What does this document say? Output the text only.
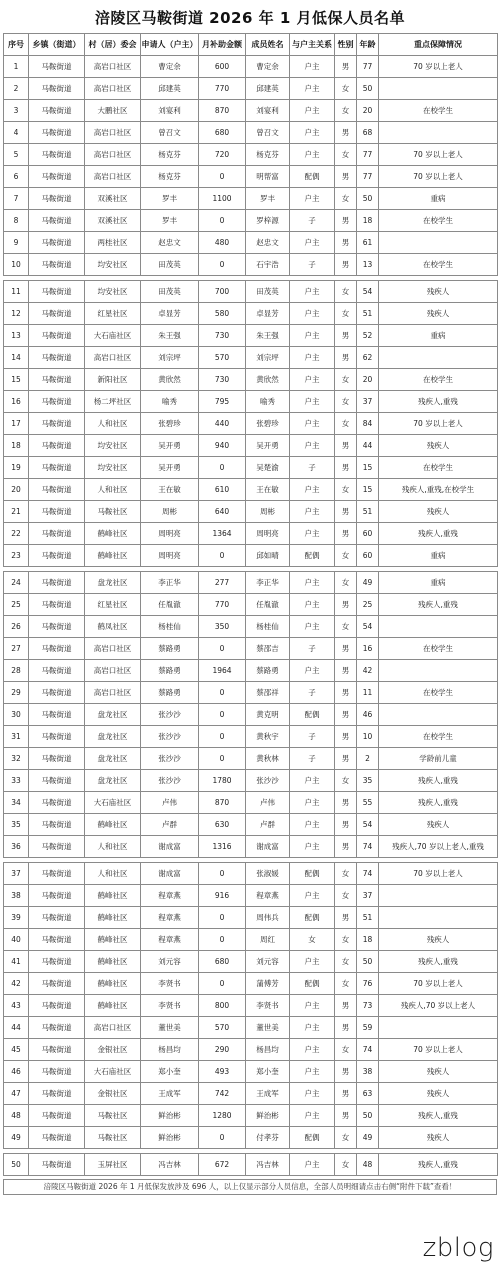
涪陵区马鞍街道 2026 年 1 月低保人员名单
序号	乡镇（街道）	村（居）委会	申请人（户主）	月补助金额	成员姓名	与户主关系	性别	年龄	重点保障情况
1	马鞍街道	高岩口社区	曹定余	600	曹定余	户主	男	77	70 岁以上老人
2	马鞍街道	高岩口社区	邱建英	770	邱建英	户主	女	50	
3	马鞍街道	大鹏社区	刘宴利	870	刘宴利	户主	女	20	在校学生
4	马鞍街道	高岩口社区	曾召文	680	曾召文	户主	男	68	
5	马鞍街道	高岩口社区	杨克芬	720	杨克芬	户主	女	77	70 岁以上老人
6	马鞍街道	高岩口社区	杨克芬	0	明帮富	配偶	男	77	70 岁以上老人
7	马鞍街道	双溪社区	罗丰	1100	罗丰	户主	女	50	重病
8	马鞍街道	双溪社区	罗丰	0	罗梓源	子	男	18	在校学生
9	马鞍街道	两桂社区	赵忠文	480	赵忠文	户主	男	61	
10	马鞍街道	均安社区	田茂英	0	石宇浩	子	男	13	在校学生

11	马鞍街道	均安社区	田茂英	700	田茂英	户主	女	54	残疾人
12	马鞍街道	红星社区	卓显芳	580	卓显芳	户主	女	51	残疾人
13	马鞍街道	大石庙社区	朱王强	730	朱王强	户主	男	52	重病
14	马鞍街道	高岩口社区	刘宗坪	570	刘宗坪	户主	男	62	
15	马鞍街道	新阳社区	黄欣然	730	黄欣然	户主	女	20	在校学生
16	马鞍街道	杨二坪社区	喻秀	795	喻秀	户主	女	37	残疾人,重残
17	马鞍街道	人和社区	张碧珍	440	张碧珍	户主	女	84	70 岁以上老人
18	马鞍街道	均安社区	吴开勇	940	吴开勇	户主	男	44	残疾人
19	马鞍街道	均安社区	吴开勇	0	吴楚渝	子	男	15	在校学生
20	马鞍街道	人和社区	王在敏	610	王在敏	户主	女	15	残疾人,重残,在校学生
21	马鞍街道	马鞍社区	周彬	640	周彬	户主	男	51	残疾人
22	马鞍街道	鹤峰社区	周明亮	1364	周明亮	户主	男	60	残疾人,重残
23	马鞍街道	鹤峰社区	周明亮	0	邱如晴	配偶	女	60	重病

24	马鞍街道	盘龙社区	李正华	277	李正华	户主	女	49	重病
25	马鞍街道	红星社区	任胤澈	770	任胤澈	户主	男	25	残疾人,重残
26	马鞍街道	鹤凤社区	杨桂仙	350	杨桂仙	户主	女	54	
27	马鞍街道	高岩口社区	蔡路勇	0	蔡邵吉	子	男	16	在校学生
28	马鞍街道	高岩口社区	蔡路勇	1964	蔡路勇	户主	男	42	
29	马鞍街道	高岩口社区	蔡路勇	0	蔡邵祥	子	男	11	在校学生
30	马鞍街道	盘龙社区	张沙沙	0	黄克明	配偶	男	46	
31	马鞍街道	盘龙社区	张沙沙	0	黄秋宇	子	男	10	在校学生
32	马鞍街道	盘龙社区	张沙沙	0	黄秋林	子	男	2	学龄前儿童
33	马鞍街道	盘龙社区	张沙沙	1780	张沙沙	户主	女	35	残疾人,重残
34	马鞍街道	大石庙社区	卢伟	870	卢伟	户主	男	55	残疾人,重残
35	马鞍街道	鹤峰社区	卢群	630	卢群	户主	男	54	残疾人
36	马鞍街道	人和社区	谢成富	1316	谢成富	户主	男	74	残疾人,70 岁以上老人,重残

37	马鞍街道	人和社区	谢成富	0	张淑媛	配偶	女	74	70 岁以上老人
38	马鞍街道	鹤峰社区	程章燕	916	程章燕	户主	女	37	
39	马鞍街道	鹤峰社区	程章燕	0	周伟兵	配偶	男	51	
40	马鞍街道	鹤峰社区	程章燕	0	周红	女	女	18	残疾人
41	马鞍街道	鹤峰社区	刘元容	680	刘元容	户主	女	50	残疾人,重残
42	马鞍街道	鹤峰社区	李贤书	0	蒲傅芳	配偶	女	76	70 岁以上老人
43	马鞍街道	鹤峰社区	李贤书	800	李贤书	户主	男	73	残疾人,70 岁以上老人
44	马鞍街道	高岩口社区	董世美	570	董世美	户主	男	59	
45	马鞍街道	金银社区	杨昌均	290	杨昌均	户主	女	74	70 岁以上老人
46	马鞍街道	大石庙社区	郑小奎	493	郑小奎	户主	男	38	残疾人
47	马鞍街道	金银社区	王成军	742	王成军	户主	男	63	残疾人
48	马鞍街道	马鞍社区	鲜治彬	1280	鲜治彬	户主	男	50	残疾人,重残
49	马鞍街道	马鞍社区	鲜治彬	0	付孝芬	配偶	女	49	残疾人

50	马鞍街道	玉屏社区	冯吉林	672	冯吉林	户主	女	48	残疾人,重残
涪陵区马鞍街道 2026 年 1 月低保发放涉及 696 人，以上仅显示部分人员信息，全部人员明细请点击右侧“附件下载”查看！
zblog
